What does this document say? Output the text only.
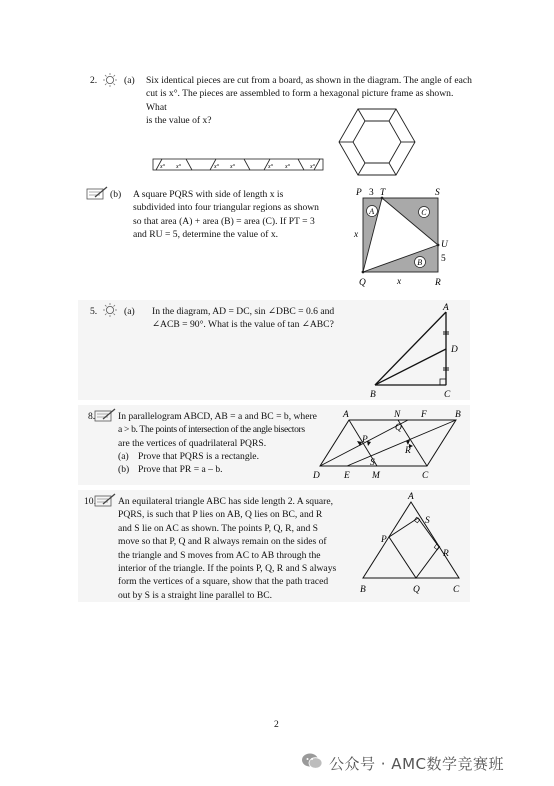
2.	(a) Six identical pieces are cut from a board, as shown in the diagram. The angle of each
cut is x°. The pieces are assembled to form a hexagonal picture frame as shown. What
is the value of x?
x° x°	x° x°	x° x°	x°
(b) A square PQRS with side of length x is
subdivided into four triangular regions as shown
so that area (A) + area (B) = area (C). If PT = 3
and RU = 5, determine the value of x.
P 3 T	S
U
5
x
x
Q	R
A	C
B
5.	(a) In the diagram, AD = DC, sin ∠DBC = 0.6 and
∠ACB = 90°. What is the value of tan ∠ABC?
A
D
B	C
8. In parallelogram ABCD, AB = a and BC = b, where
a > b. The points of intersection of the angle bisectors
are the vertices of quadrilateral PQRS.
(a) Prove that PQRS is a rectangle.
(b) Prove that PR = a – b.
A	N F	B
Q
P
R
S
D	E M	C
10. An equilateral triangle ABC has side length 2. A square,
PQRS, is such that P lies on AB, Q lies on BC, and R
and S lie on AC as shown. The points P, Q, R, and S
move so that P, Q and R always remain on the sides of
the triangle and S moves from AC to AB through the
interior of the triangle. If the points P, Q, R and S always
form the vertices of a square, show that the path traced
out by S is a straight line parallel to BC.
A
S
P
R
B	Q	C
2
公众号 · AMC数学竞赛班
